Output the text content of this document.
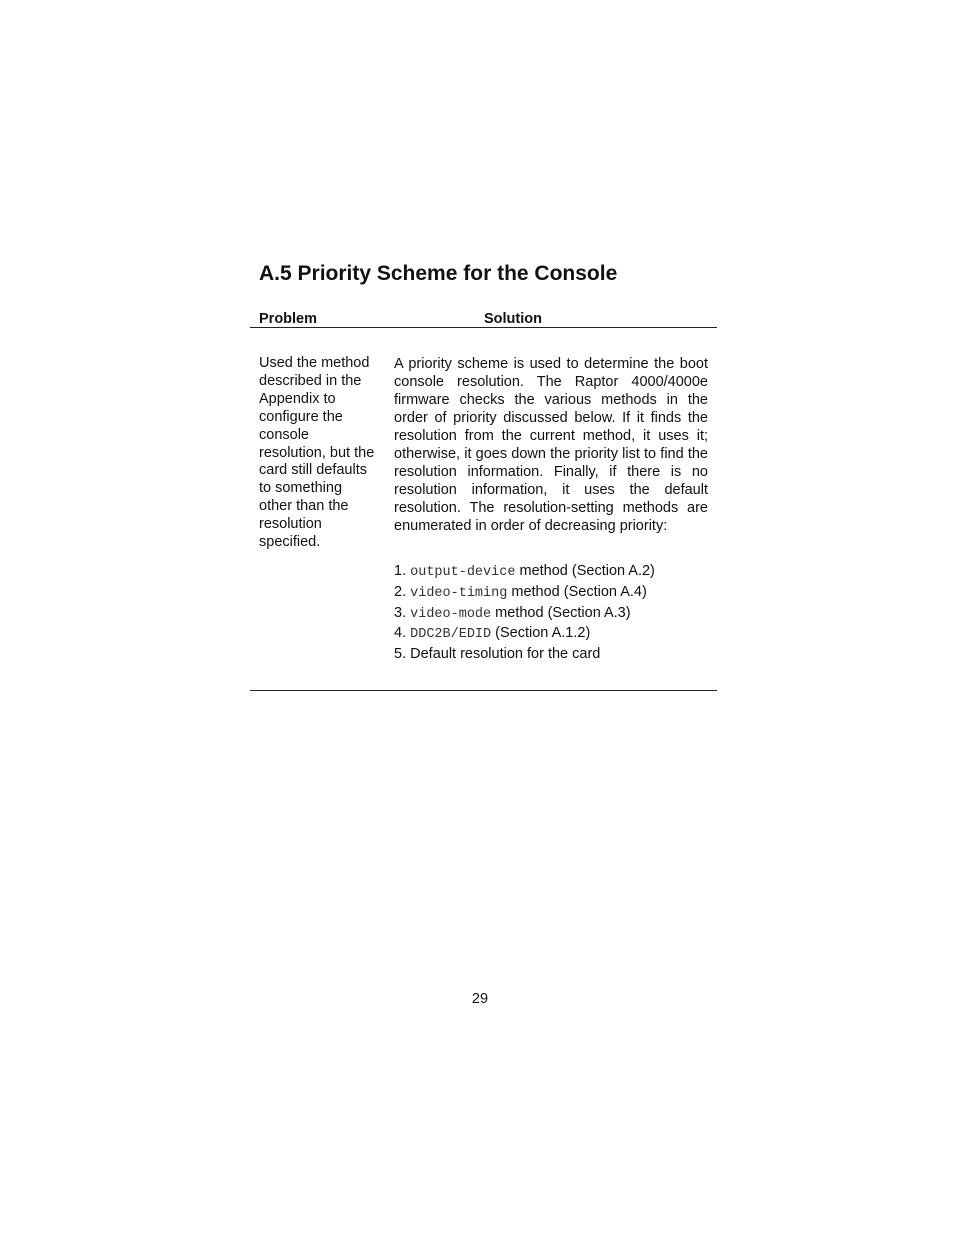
A.5 Priority Scheme for the Console
Problem	Solution
Used the method described in the Appendix to configure the console resolution, but the card still defaults to something other than the resolution specified.
A priority scheme is used to determine the boot console resolution. The Raptor 4000/4000e firmware checks the various methods in the order of priority discussed below. If it finds the resolution from the current method, it uses it; otherwise, it goes down the priority list to find the resolution information. Finally, if there is no resolution information, it uses the default resolution. The resolution-setting methods are enumerated in order of decreasing priority:
1. output-device method (Section A.2)
2. video-timing method (Section A.4)
3. video-mode method (Section A.3)
4. DDC2B/EDID (Section A.1.2)
5. Default resolution for the card
29
